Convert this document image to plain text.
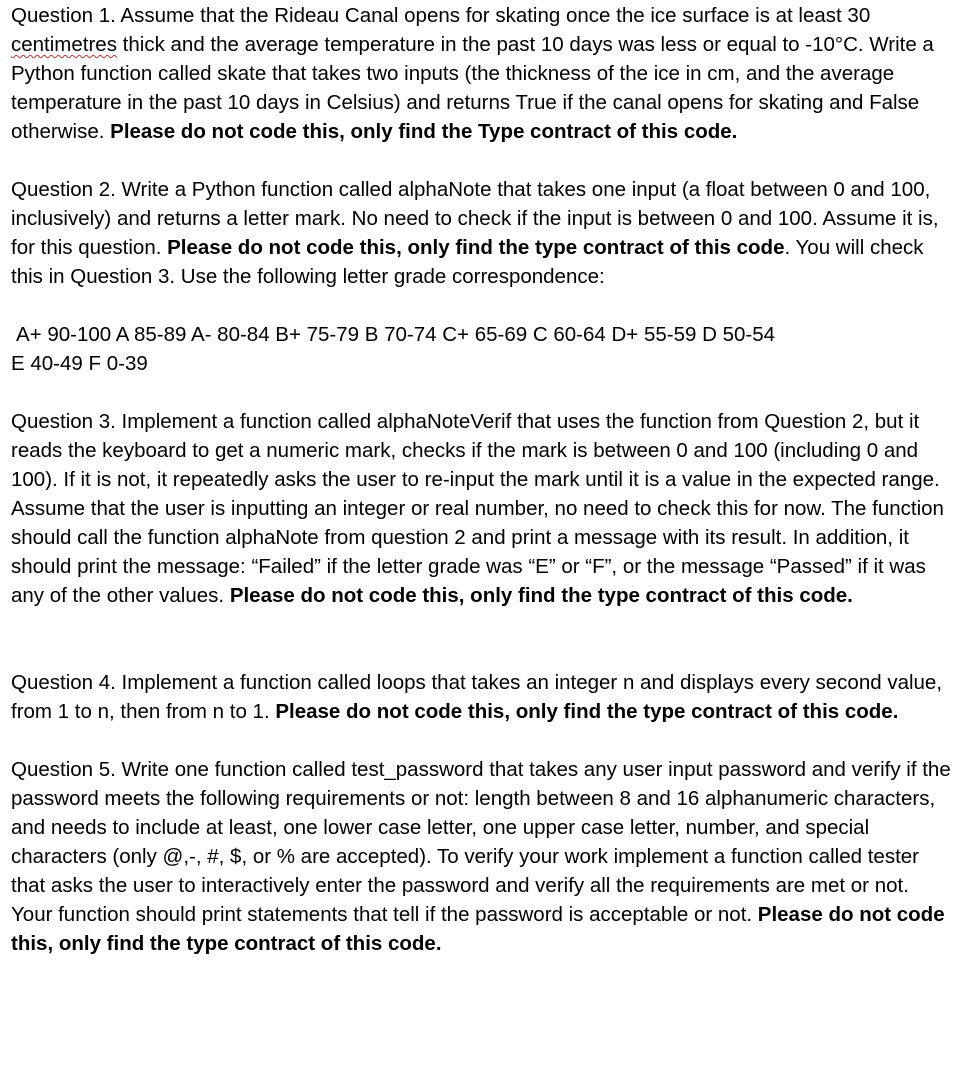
Question 1. Assume that the Rideau Canal opens for skating once the ice surface is at least 30 centimetres thick and the average temperature in the past 10 days was less or equal to -10°C. Write a Python function called skate that takes two inputs (the thickness of the ice in cm, and the average temperature in the past 10 days in Celsius) and returns True if the canal opens for skating and False otherwise. Please do not code this, only find the Type contract of this code.

Question 2. Write a Python function called alphaNote that takes one input (a float between 0 and 100, inclusively) and returns a letter mark. No need to check if the input is between 0 and 100. Assume it is, for this question. Please do not code this, only find the type contract of this code. You will check this in Question 3. Use the following letter grade correspondence:

A+ 90-100 A 85-89 A- 80-84 B+ 75-79 B 70-74 C+ 65-69 C 60-64 D+ 55-59 D 50-54
E 40-49 F 0-39

Question 3. Implement a function called alphaNoteVerif that uses the function from Question 2, but it reads the keyboard to get a numeric mark, checks if the mark is between 0 and 100 (including 0 and 100). If it is not, it repeatedly asks the user to re-input the mark until it is a value in the expected range. Assume that the user is inputting an integer or real number, no need to check this for now. The function should call the function alphaNote from question 2 and print a message with its result. In addition, it should print the message: “Failed” if the letter grade was “E” or “F”, or the message “Passed” if it was any of the other values. Please do not code this, only find the type contract of this code.

Question 4. Implement a function called loops that takes an integer n and displays every second value, from 1 to n, then from n to 1. Please do not code this, only find the type contract of this code.

Question 5. Write one function called test_password that takes any user input password and verify if the password meets the following requirements or not: length between 8 and 16 alphanumeric characters, and needs to include at least, one lower case letter, one upper case letter, number, and special characters (only @,-, #, $, or % are accepted). To verify your work implement a function called tester that asks the user to interactively enter the password and verify all the requirements are met or not. Your function should print statements that tell if the password is acceptable or not. Please do not code this, only find the type contract of this code.
